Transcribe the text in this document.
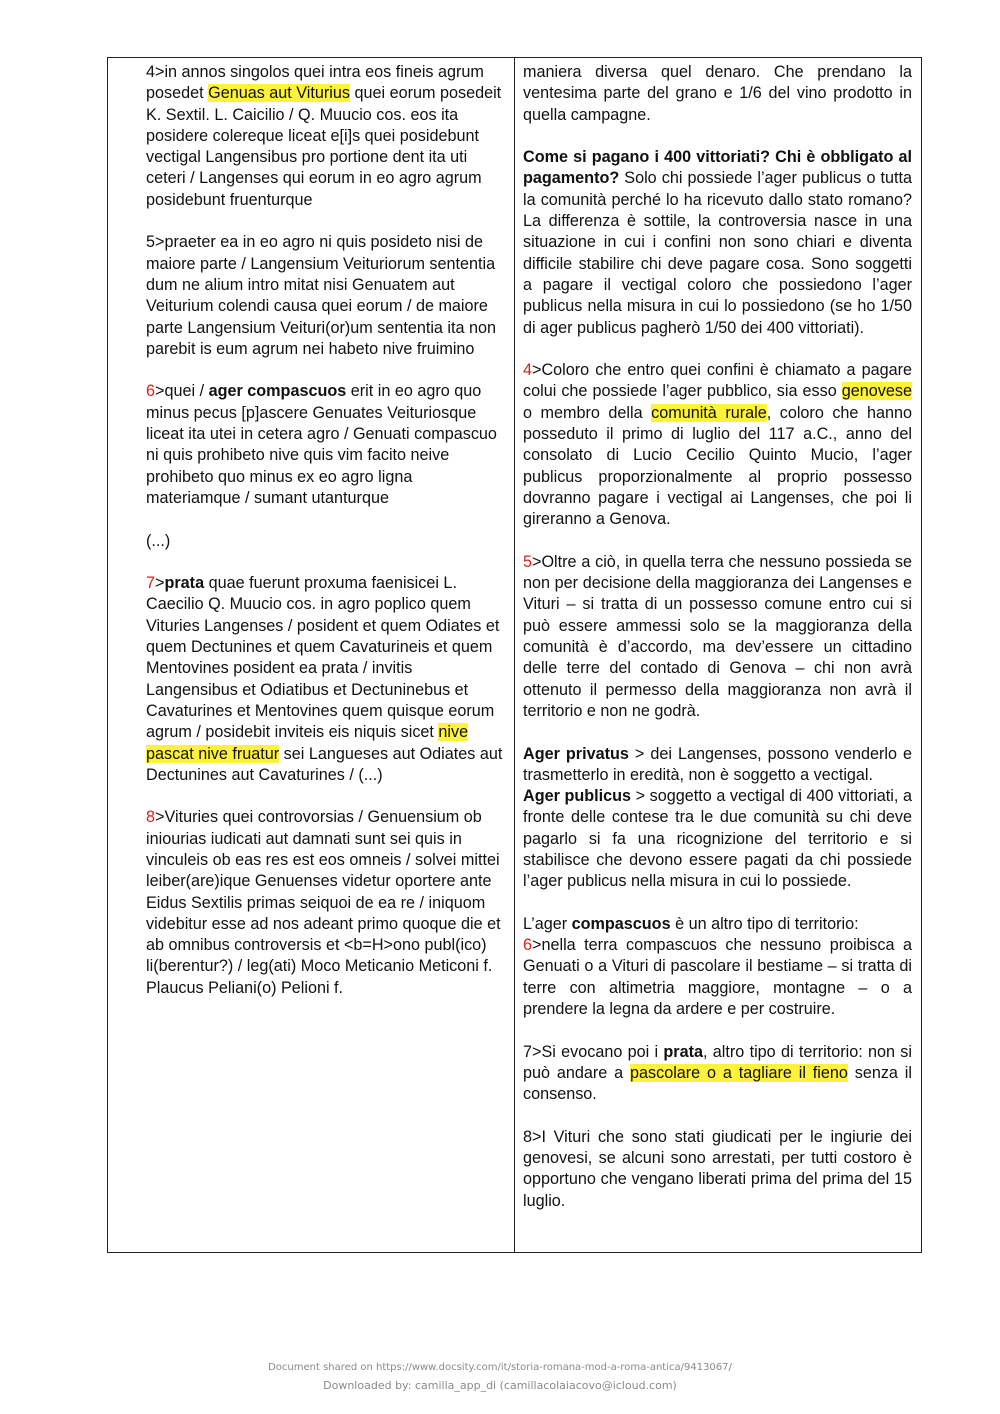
4>in annos singolos quei intra eos fineis agrum posedet Genuas aut Viturius quei eorum posedeit K. Sextil. L. Caicilio / Q. Muucio cos. eos ita posidere colereque liceat e[i]s quei posidebunt vectigal Langensibus pro portione dent ita uti ceteri / Langenses qui eorum in eo agro agrum posidebunt fruenturque

5>praeter ea in eo agro ni quis posideto nisi de maiore parte / Langensium Veituriorum sententia dum ne alium intro mitat nisi Genuatem aut Veiturium colendi causa quei eorum / de maiore parte Langensium Veituri(or)um sententia ita non parebit is eum agrum nei habeto nive fruimino

6>quei / ager compascuos erit in eo agro quo minus pecus [p]ascere Genuates Veituriosque liceat ita utei in cetera agro / Genuati compascuo ni quis prohibeto nive quis vim facito neive prohibeto quo minus ex eo agro ligna materiamque / sumant utanturque

(...)

7>prata quae fuerunt proxuma faenisicei L. Caecilio Q. Muucio cos. in agro poplico quem Vituries Langenses / posident et quem Odiates et quem Dectunines et quem Cavaturineis et quem Mentovines posident ea prata / invitis Langensibus et Odiatibus et Dectuninebus et Cavaturines et Mentovines quem quisque eorum agrum / posidebit inviteis eis niquis sicet nive pascat nive fruatur sei Langueses aut Odiates aut Dectunines aut Cavaturines / (...)

8>Vituries quei controvorsias / Genuensium ob iniourias iudicati aut damnati sunt sei quis in vinculeis ob eas res est eos omneis / solvei mittei leiber(are)ique Genuenses videtur oportere ante Eidus Sextilis primas seiquoi de ea re / iniquom videbitur esse ad nos adeant primo quoque die et ab omnibus controversis et <b=H>ono publ(ico) li(berentur?) / leg(ati) Moco Meticanio Meticoni f. Plaucus Peliani(o) Pelioni f.

maniera diversa quel denaro. Che prendano la ventesima parte del grano e 1/6 del vino prodotto in quella campagne.

Come si pagano i 400 vittoriati? Chi è obbligato al pagamento? Solo chi possiede l’ager publicus o tutta la comunità perché lo ha ricevuto dallo stato romano? La differenza è sottile, la controversia nasce in una situazione in cui i confini non sono chiari e diventa difficile stabilire chi deve pagare cosa. Sono soggetti a pagare il vectigal coloro che possiedono l’ager publicus nella misura in cui lo possiedono (se ho 1/50 di ager publicus pagherò 1/50 dei 400 vittoriati).

4>Coloro che entro quei confini è chiamato a pagare colui che possiede l’ager pubblico, sia esso genovese o membro della comunità rurale, coloro che hanno posseduto il primo di luglio del 117 a.C., anno del consolato di Lucio Cecilio Quinto Mucio, l’ager publicus proporzionalmente al proprio possesso dovranno pagare i vectigal ai Langenses, che poi li gireranno a Genova.

5>Oltre a ciò, in quella terra che nessuno possieda se non per decisione della maggioranza dei Langenses e Vituri – si tratta di un possesso comune entro cui si può essere ammessi solo se la maggioranza della comunità è d’accordo, ma dev’essere un cittadino delle terre del contado di Genova – chi non avrà ottenuto il permesso della maggioranza non avrà il territorio e non ne godrà.

Ager privatus > dei Langenses, possono venderlo e trasmetterlo in eredità, non è soggetto a vectigal.

Ager publicus > soggetto a vectigal di 400 vittoriati, a fronte delle contese tra le due comunità su chi deve pagarlo si fa una ricognizione del territorio e si stabilisce che devono essere pagati da chi possiede l’ager publicus nella misura in cui lo possiede.

L’ager compascuos è un altro tipo di territorio:

6>nella terra compascuos che nessuno proibisca a Genuati o a Vituri di pascolare il bestiame – si tratta di terre con altimetria maggiore, montagne – o a prendere la legna da ardere e per costruire.

7>Si evocano poi i prata, altro tipo di territorio: non si può andare a pascolare o a tagliare il fieno senza il consenso.

8>I Vituri che sono stati giudicati per le ingiurie dei genovesi, se alcuni sono arrestati, per tutti costoro è opportuno che vengano liberati prima del prima del 15 luglio.

Document shared on https://www.docsity.com/it/storia-romana-mod-a-roma-antica/9413067/
Downloaded by: camilla_app_di (camillacolaiacovo@icloud.com)
